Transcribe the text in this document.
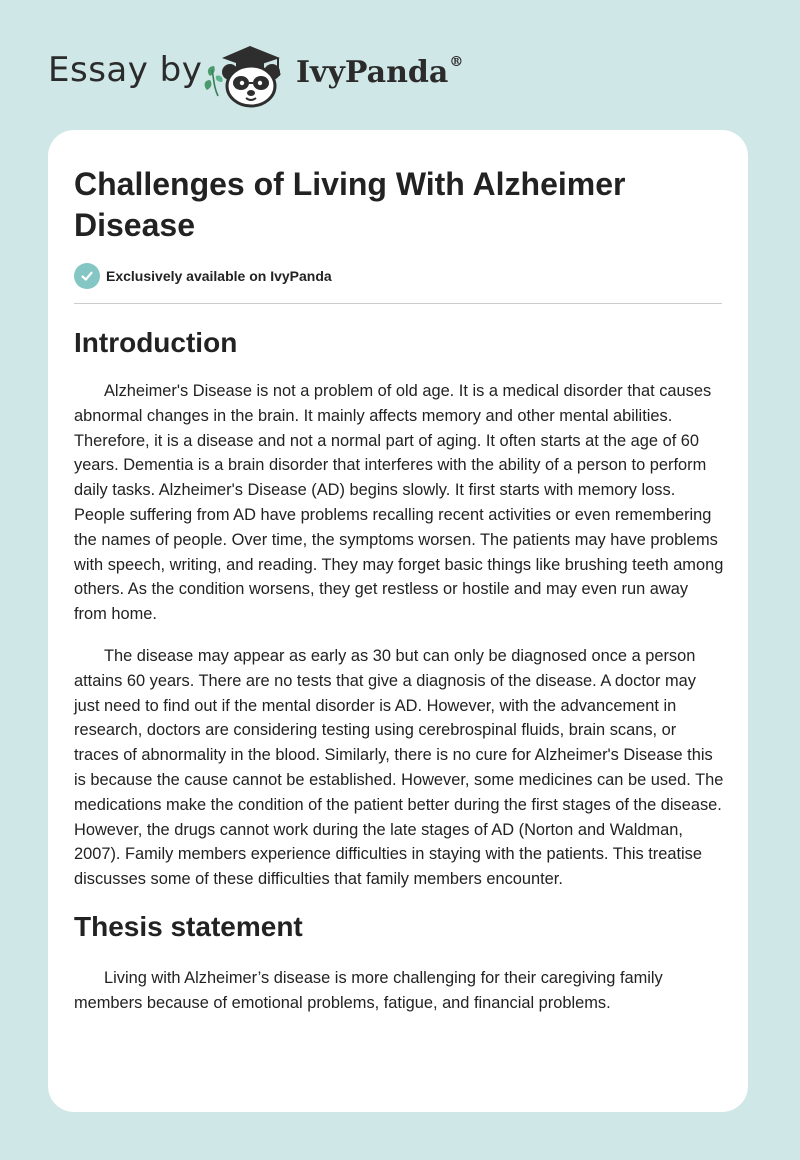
Essay by	IvyPanda®
Challenges of Living With Alzheimer Disease
Exclusively available on IvyPanda
Introduction

Alzheimer's Disease is not a problem of old age. It is a medical disorder that causes abnormal changes in the brain. It mainly affects memory and other mental abilities. Therefore, it is a disease and not a normal part of aging. It often starts at the age of 60 years. Dementia is a brain disorder that interferes with the ability of a person to perform daily tasks. Alzheimer's Disease (AD) begins slowly. It first starts with memory loss. People suffering from AD have problems recalling recent activities or even remembering the names of people. Over time, the symptoms worsen. The patients may have problems with speech, writing, and reading. They may forget basic things like brushing teeth among others. As the condition worsens, they get restless or hostile and may even run away from home.

The disease may appear as early as 30 but can only be diagnosed once a person attains 60 years. There are no tests that give a diagnosis of the disease. A doctor may just need to find out if the mental disorder is AD. However, with the advancement in research, doctors are considering testing using cerebrospinal fluids, brain scans, or traces of abnormality in the blood. Similarly, there is no cure for Alzheimer's Disease this is because the cause cannot be established. However, some medicines can be used. The medications make the condition of the patient better during the first stages of the disease. However, the drugs cannot work during the late stages of AD (Norton and Waldman, 2007). Family members experience difficulties in staying with the patients. This treatise discusses some of these difficulties that family members encounter.

Thesis statement

Living with Alzheimer’s disease is more challenging for their caregiving family members because of emotional problems, fatigue, and financial problems.
